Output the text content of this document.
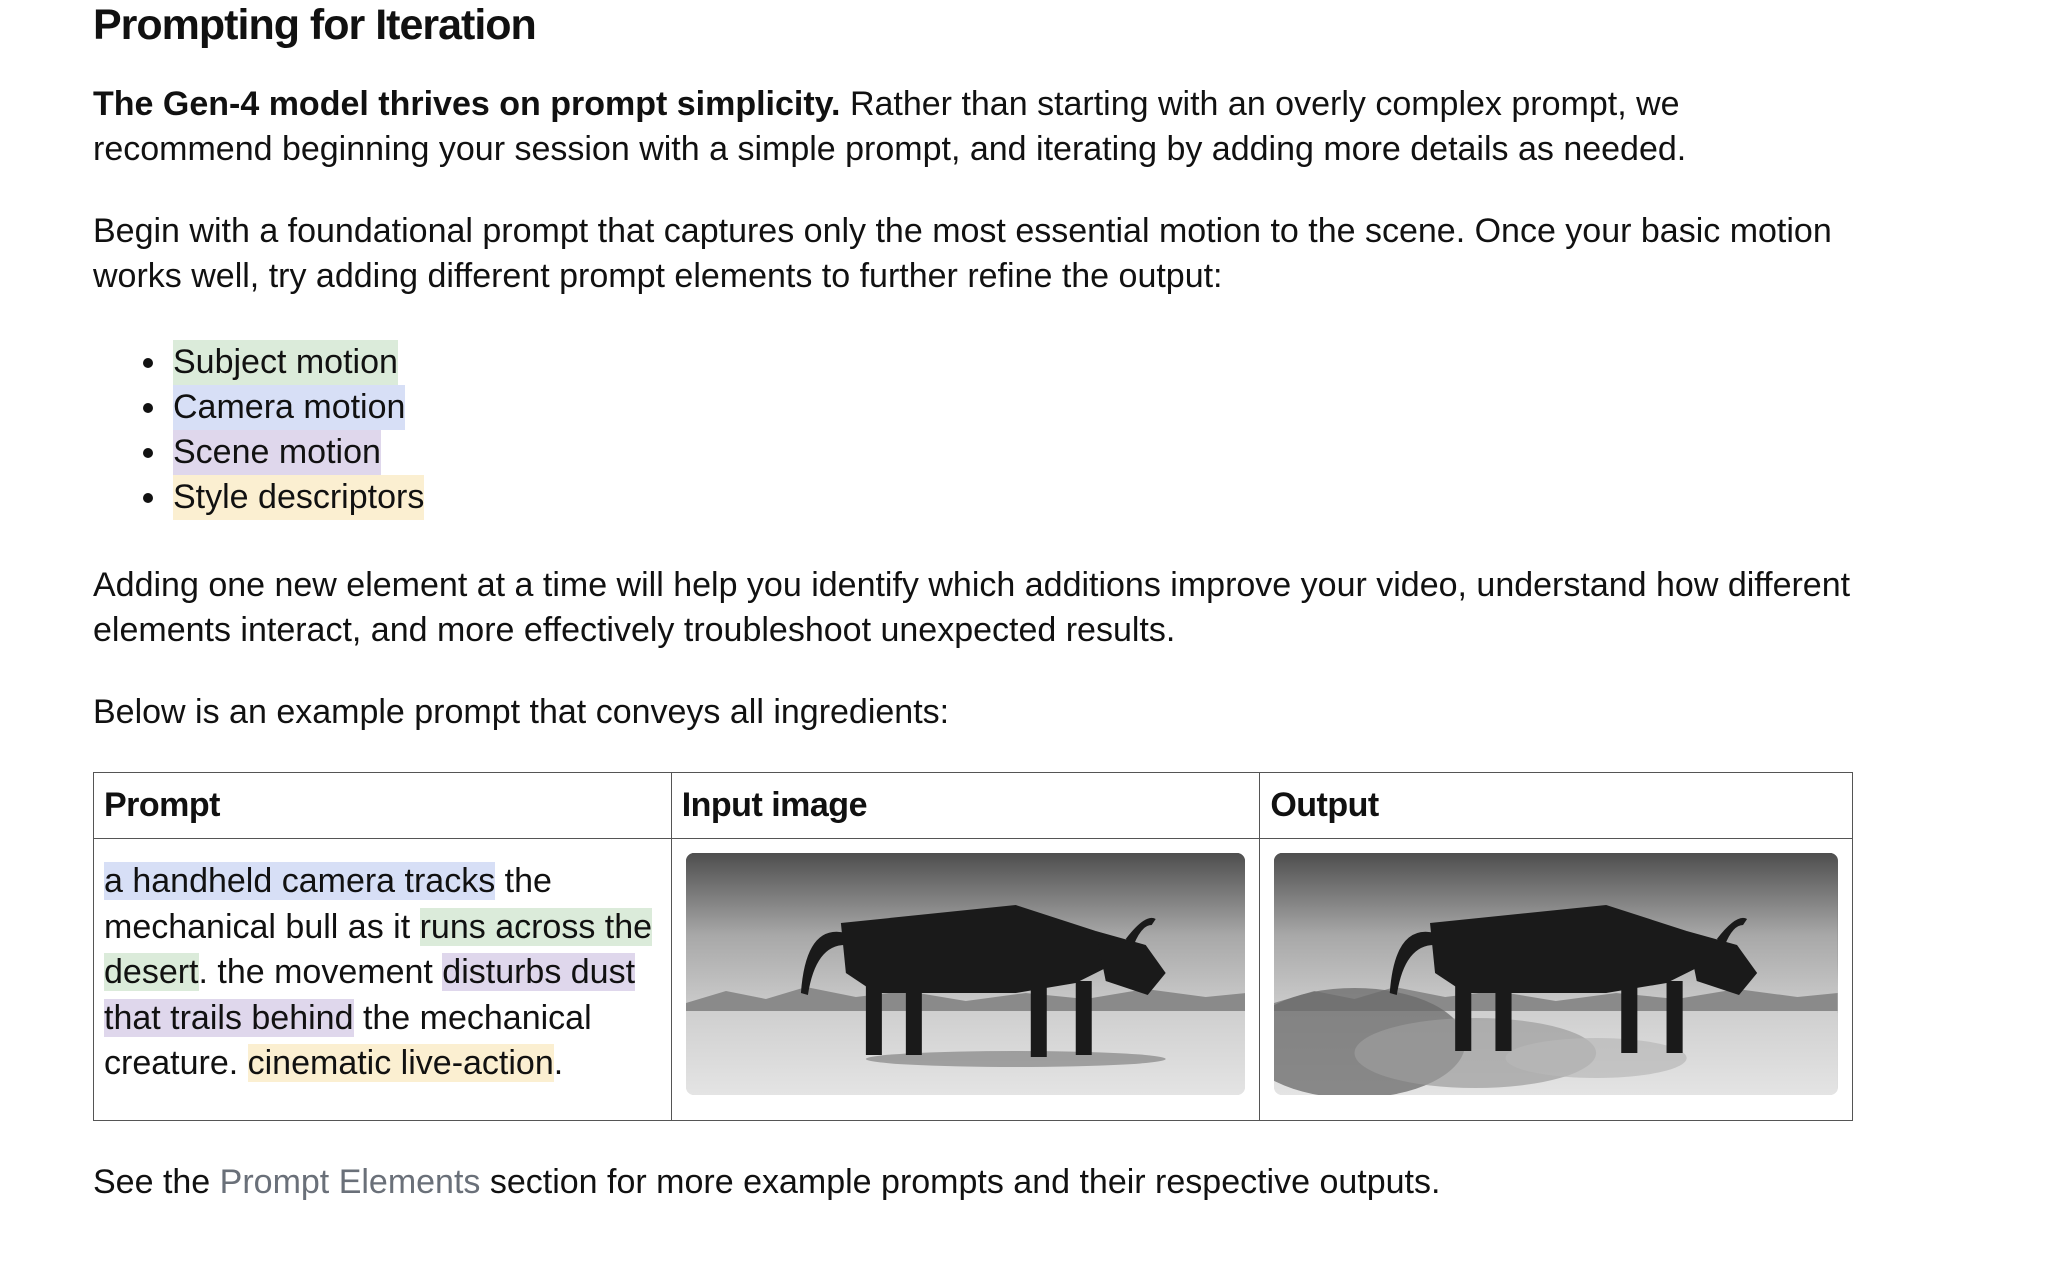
Prompting for Iteration

The Gen-4 model thrives on prompt simplicity. Rather than starting with an overly complex prompt, we recommend beginning your session with a simple prompt, and iterating by adding more details as needed.

Begin with a foundational prompt that captures only the most essential motion to the scene. Once your basic motion works well, try adding different prompt elements to further refine the output:

Subject motion
Camera motion
Scene motion
Style descriptors

Adding one new element at a time will help you identify which additions improve your video, understand how different elements interact, and more effectively troubleshoot unexpected results.

Below is an example prompt that conveys all ingredients:

Prompt	Input image	Output
a handheld camera tracks the mechanical bull as it runs across the desert. the movement disturbs dust that trails behind the mechanical creature. cinematic live-action.	

See the Prompt Elements section for more example prompts and their respective outputs.
